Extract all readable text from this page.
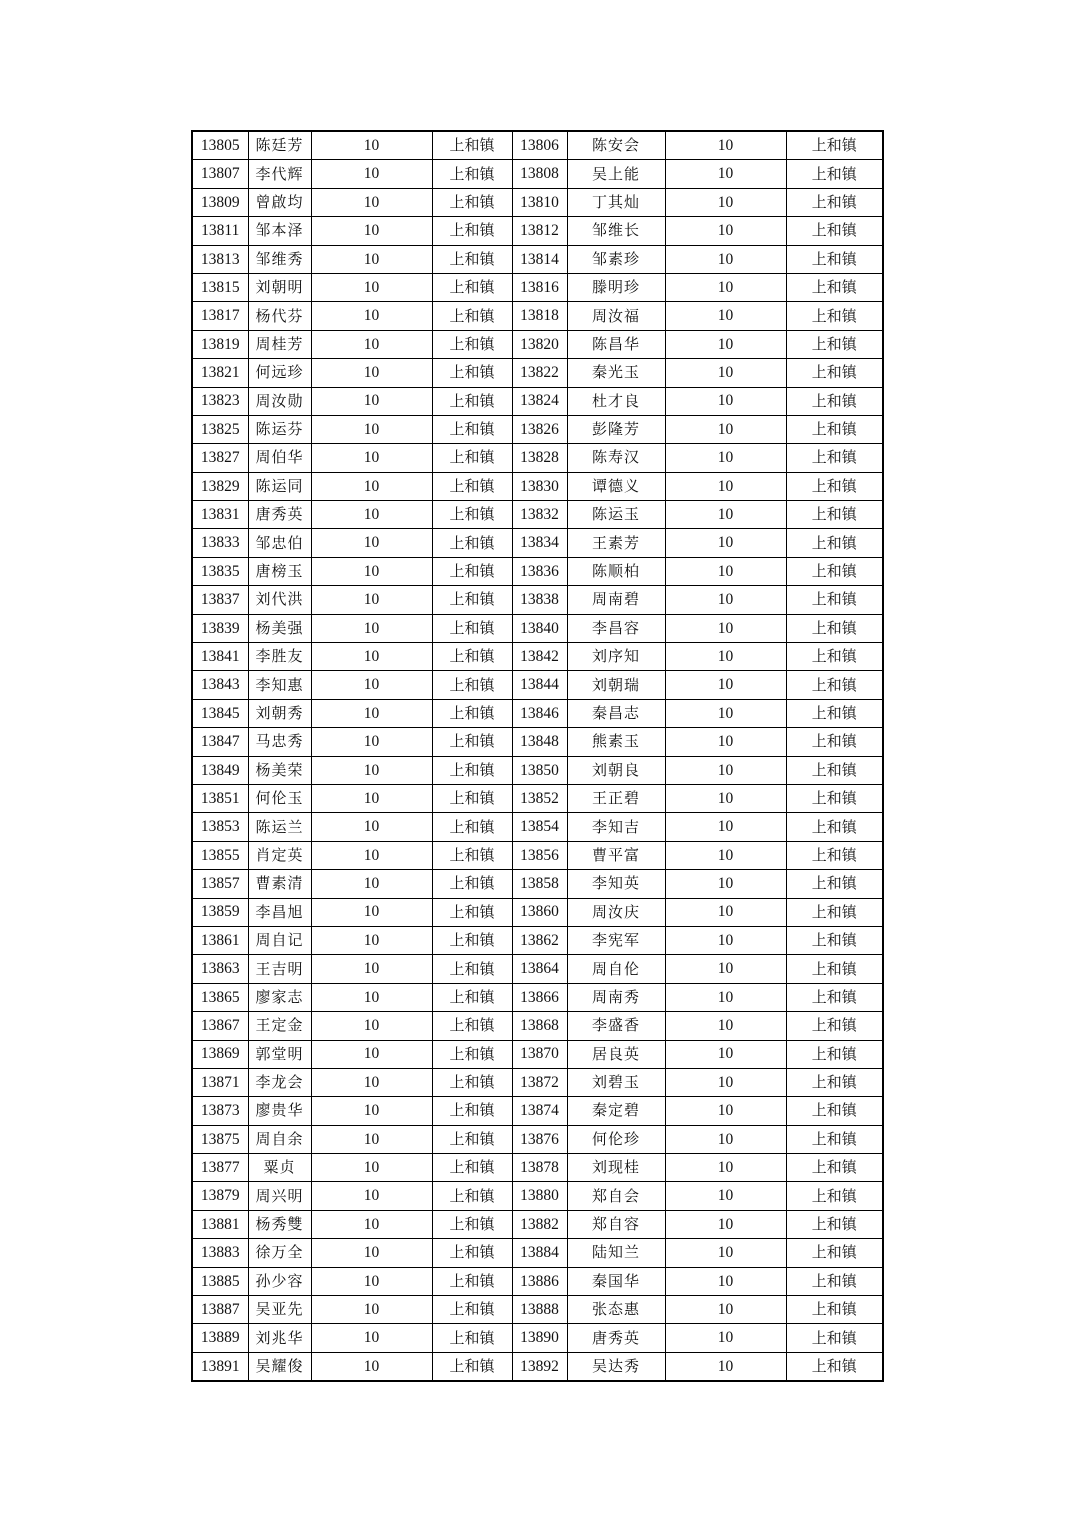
13805	陈廷芳	10	上和镇	13806	陈安会	10	上和镇
13807	李代辉	10	上和镇	13808	吴上能	10	上和镇
13809	曾啟均	10	上和镇	13810	丁其灿	10	上和镇
13811	邹本泽	10	上和镇	13812	邹维长	10	上和镇
13813	邹维秀	10	上和镇	13814	邹素珍	10	上和镇
13815	刘朝明	10	上和镇	13816	滕明珍	10	上和镇
13817	杨代芬	10	上和镇	13818	周汝福	10	上和镇
13819	周桂芳	10	上和镇	13820	陈昌华	10	上和镇
13821	何远珍	10	上和镇	13822	秦光玉	10	上和镇
13823	周汝勋	10	上和镇	13824	杜才良	10	上和镇
13825	陈运芬	10	上和镇	13826	彭隆芳	10	上和镇
13827	周伯华	10	上和镇	13828	陈寿汉	10	上和镇
13829	陈运同	10	上和镇	13830	谭德义	10	上和镇
13831	唐秀英	10	上和镇	13832	陈运玉	10	上和镇
13833	邹忠伯	10	上和镇	13834	王素芳	10	上和镇
13835	唐榜玉	10	上和镇	13836	陈顺柏	10	上和镇
13837	刘代洪	10	上和镇	13838	周南碧	10	上和镇
13839	杨美强	10	上和镇	13840	李昌容	10	上和镇
13841	李胜友	10	上和镇	13842	刘序知	10	上和镇
13843	李知惠	10	上和镇	13844	刘朝瑞	10	上和镇
13845	刘朝秀	10	上和镇	13846	秦昌志	10	上和镇
13847	马忠秀	10	上和镇	13848	熊素玉	10	上和镇
13849	杨美荣	10	上和镇	13850	刘朝良	10	上和镇
13851	何伦玉	10	上和镇	13852	王正碧	10	上和镇
13853	陈运兰	10	上和镇	13854	李知吉	10	上和镇
13855	肖定英	10	上和镇	13856	曹平富	10	上和镇
13857	曹素清	10	上和镇	13858	李知英	10	上和镇
13859	李昌旭	10	上和镇	13860	周汝庆	10	上和镇
13861	周自记	10	上和镇	13862	李宪军	10	上和镇
13863	王吉明	10	上和镇	13864	周自伦	10	上和镇
13865	廖家志	10	上和镇	13866	周南秀	10	上和镇
13867	王定金	10	上和镇	13868	李盛香	10	上和镇
13869	郭堂明	10	上和镇	13870	居良英	10	上和镇
13871	李龙会	10	上和镇	13872	刘碧玉	10	上和镇
13873	廖贵华	10	上和镇	13874	秦定碧	10	上和镇
13875	周自余	10	上和镇	13876	何伦珍	10	上和镇
13877	粟贞	10	上和镇	13878	刘现桂	10	上和镇
13879	周兴明	10	上和镇	13880	郑自会	10	上和镇
13881	杨秀雙	10	上和镇	13882	郑自容	10	上和镇
13883	徐万全	10	上和镇	13884	陆知兰	10	上和镇
13885	孙少容	10	上和镇	13886	秦国华	10	上和镇
13887	吴亚先	10	上和镇	13888	张态惠	10	上和镇
13889	刘兆华	10	上和镇	13890	唐秀英	10	上和镇
13891	吴耀俊	10	上和镇	13892	吴达秀	10	上和镇
